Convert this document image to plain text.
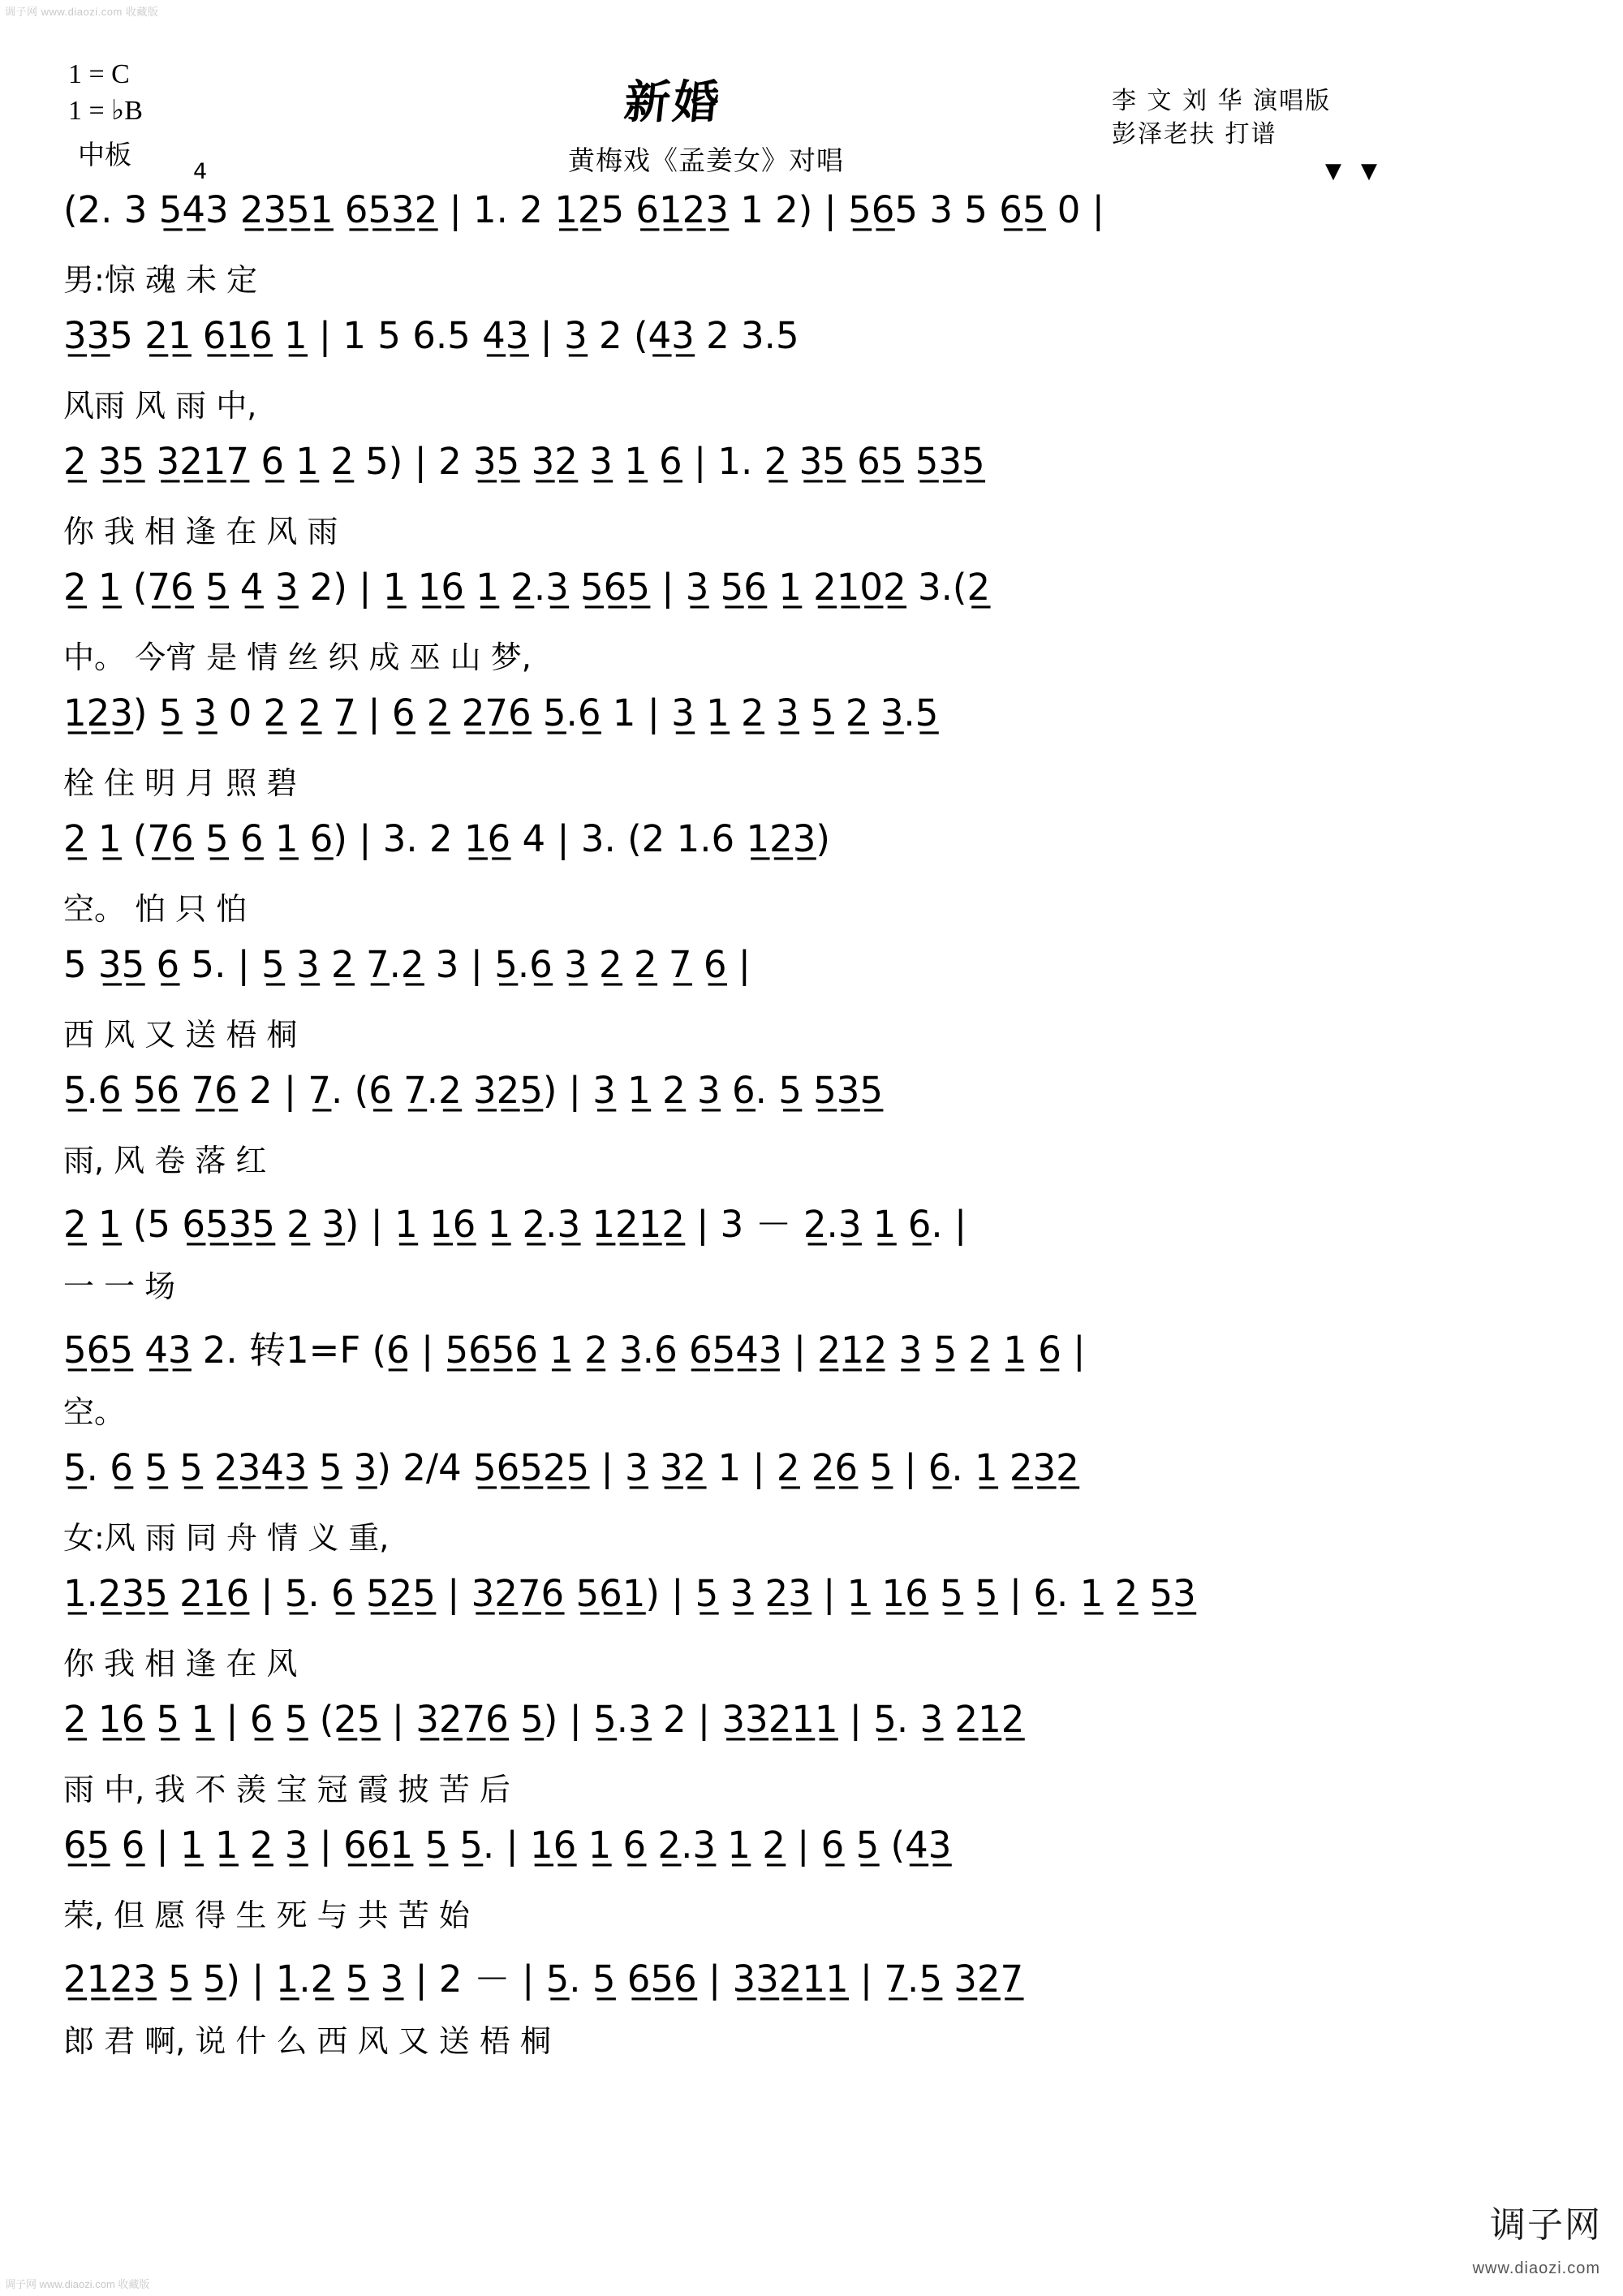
调子网 www.diaozi.com 收藏版
调子网 www.diaozi.com 收藏版
调子网
www.diaozi.com
1 = C
1 = ♭B
中板
新婚
黄梅戏《孟姜女》对唱
李 文 刘 华 演唱版
彭泽老扶 打谱
▼▼
4
(2. 3 5̲4̲3 2̲3̲5̲1̲ 6̲5̲3̲2̲ | 1. 2 1̲2̲5 6̲1̲2̲3̲ 1 2) | 5̲6̲5 3 5 6̲5̲ 0 |
男:惊 魂 未 定
3̲3̲5 2̲1̲ 6̲1̲6̲ 1̲ | 1 5 6.5 4̲3̲ | 3̲ 2 (4̲3̲ 2 3.5
风雨 风 雨 中,
2̲ 3̲5̲ 3̲2̲1̲7̲ 6̲ 1̲ 2̲ 5) | 2 3̲5̲ 3̲2̲ 3̲ 1̲ 6̲ | 1. 2̲ 3̲5̲ 6̲5̲ 5̲3̲5̲
你 我 相 逢 在 风 雨
2̲ 1̲ (7̲6̲ 5̲ 4̲ 3̲ 2) | 1̲ 1̲6̲ 1̲ 2̲.3̲ 5̲6̲5̲ | 3̲ 5̲6̲ 1̲ 2̲1̲0̲2̲ 3.(2̲
中。 今宵 是 情 丝 织 成 巫 山 梦,
1̲2̲3̲) 5̲ 3̲ 0 2̲ 2̲ 7̲ | 6̲ 2̲ 2̲7̲6̲ 5̲.6̲ 1 | 3̲ 1̲ 2̲ 3̲ 5̲ 2̲ 3̲.5̲
栓 住 明 月 照 碧
2̲ 1̲ (7̲6̲ 5̲ 6̲ 1̲ 6̲) | 3. 2 1̲6̲ 4 | 3. (2 1.6 1̲2̲3̲)
空。 怕 只 怕
5 3̲5̲ 6̲ 5. | 5̲ 3̲ 2̲ 7̲.2̲ 3 | 5̲.6̲ 3̲ 2̲ 2̲ 7̲ 6̲ |
西 风 又 送 梧 桐
5̲.6̲ 5̲6̲ 7̲6̲ 2 | 7̲. (6̲ 7̲.2̲ 3̲2̲5̲) | 3̲ 1̲ 2̲ 3̲ 6̲. 5̲ 5̲3̲5̲
雨, 风 卷 落 红
2̲ 1̲ (5 6̲5̲3̲5̲ 2̲ 3̲) | 1̲ 1̲6̲ 1̲ 2̲.3̲ 1̲2̲1̲2̲ | 3 － 2̲.3̲ 1̲ 6̲. |
一 一 场
5̲6̲5̲ 4̲3̲ 2. 转1=F (6̲ | 5̲6̲5̲6̲ 1̲ 2̲ 3̲.6̲ 6̲5̲4̲3̲ | 2̲1̲2̲ 3̲ 5̲ 2̲ 1̲ 6̲ |
空。
5̲. 6̲ 5̲ 5̲ 2̲3̲4̲3̲ 5̲ 3̲) 2/4 5̲6̲5̲2̲5̲ | 3̲ 3̲2̲ 1 | 2̲ 2̲6̲ 5̲ | 6̲. 1̲ 2̲3̲2̲
女:风 雨 同 舟 情 义 重,
1̲.2̲3̲5̲ 2̲1̲6̲ | 5̲. 6̲ 5̲2̲5̲ | 3̲2̲7̲6̲ 5̲6̲1̲) | 5̲ 3̲ 2̲3̲ | 1̲ 1̲6̲ 5̲ 5̲ | 6̲. 1̲ 2̲ 5̲3̲
你 我 相 逢 在 风
2̲ 1̲6̲ 5̲ 1̲ | 6̲ 5̲ (2̲5̲ | 3̲2̲7̲6̲ 5̲) | 5̲.3̲ 2 | 3̲3̲2̲1̲1̲ | 5̲. 3̲ 2̲1̲2̲
雨 中, 我 不 羡 宝 冠 霞 披 苦 后
6̲5̲ 6̲ | 1̲ 1̲ 2̲ 3̲ | 6̲6̲1̲ 5̲ 5̲. | 1̲6̲ 1̲ 6̲ 2̲.3̲ 1̲ 2̲ | 6̲ 5̲ (4̲3̲
荣, 但 愿 得 生 死 与 共 苦 始
2̲1̲2̲3̲ 5̲ 5̲) | 1̲.2̲ 5̲ 3̲ | 2 － | 5̲. 5̲ 6̲5̲6̲ | 3̲3̲2̲1̲1̲ | 7̲.5̲ 3̲2̲7̲
郎 君 啊, 说 什 么 西 风 又 送 梧 桐
